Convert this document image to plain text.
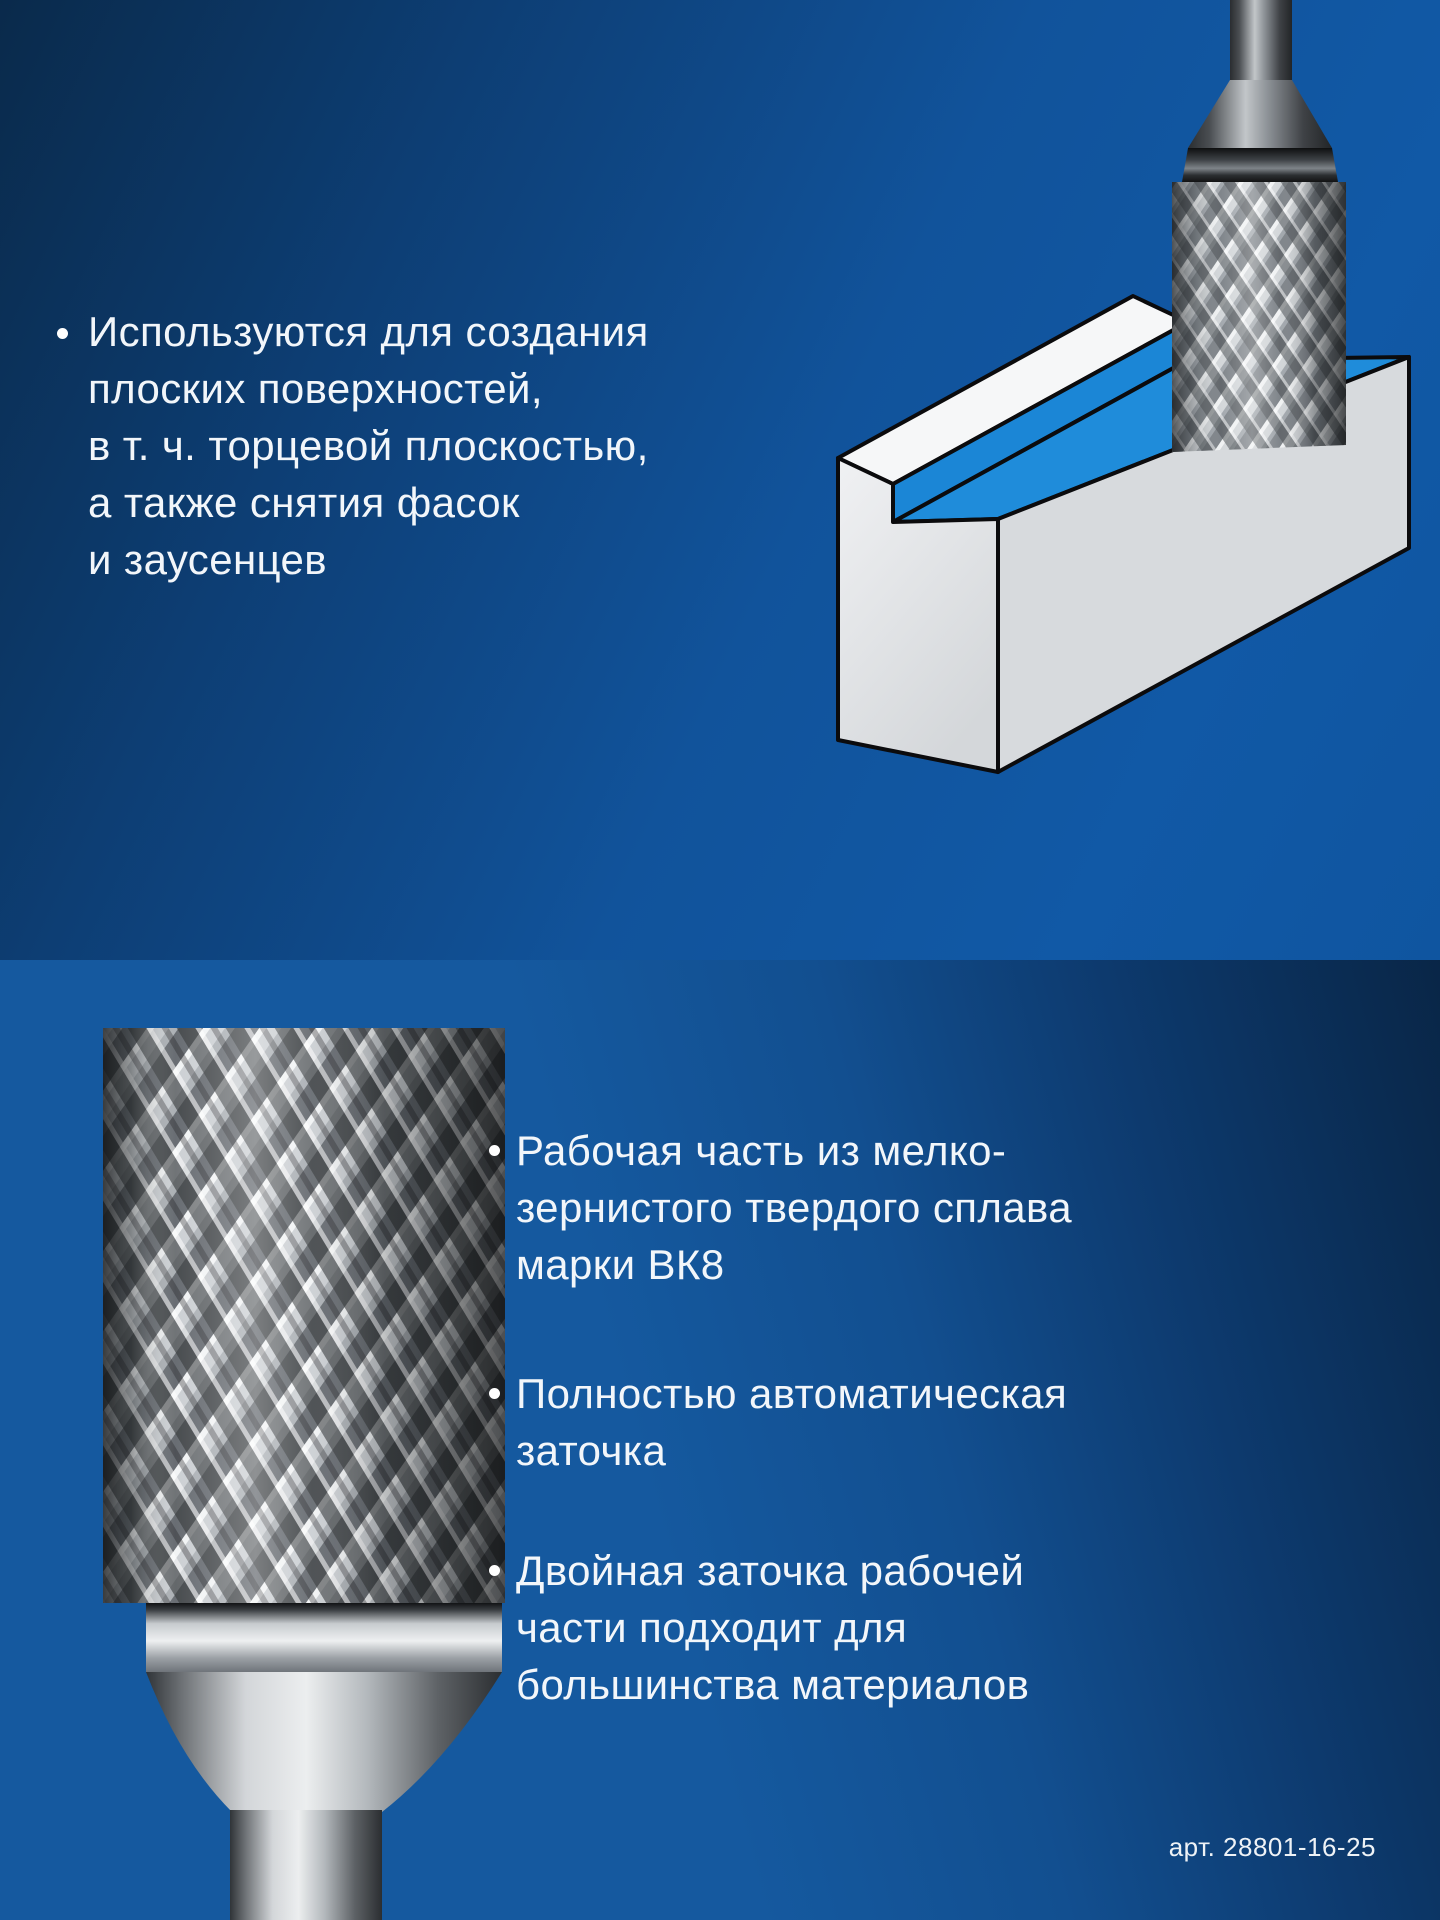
Используются для создания
плоских поверхностей,
в т. ч. торцевой плоскостью,
а также снятия фасок
и заусенцев
Рабочая часть из мелко-
зернистого твердого сплава
марки ВК8
Полностью автоматическая
заточка
Двойная заточка рабочей
части подходит для
большинства материалов
арт. 28801-16-25
